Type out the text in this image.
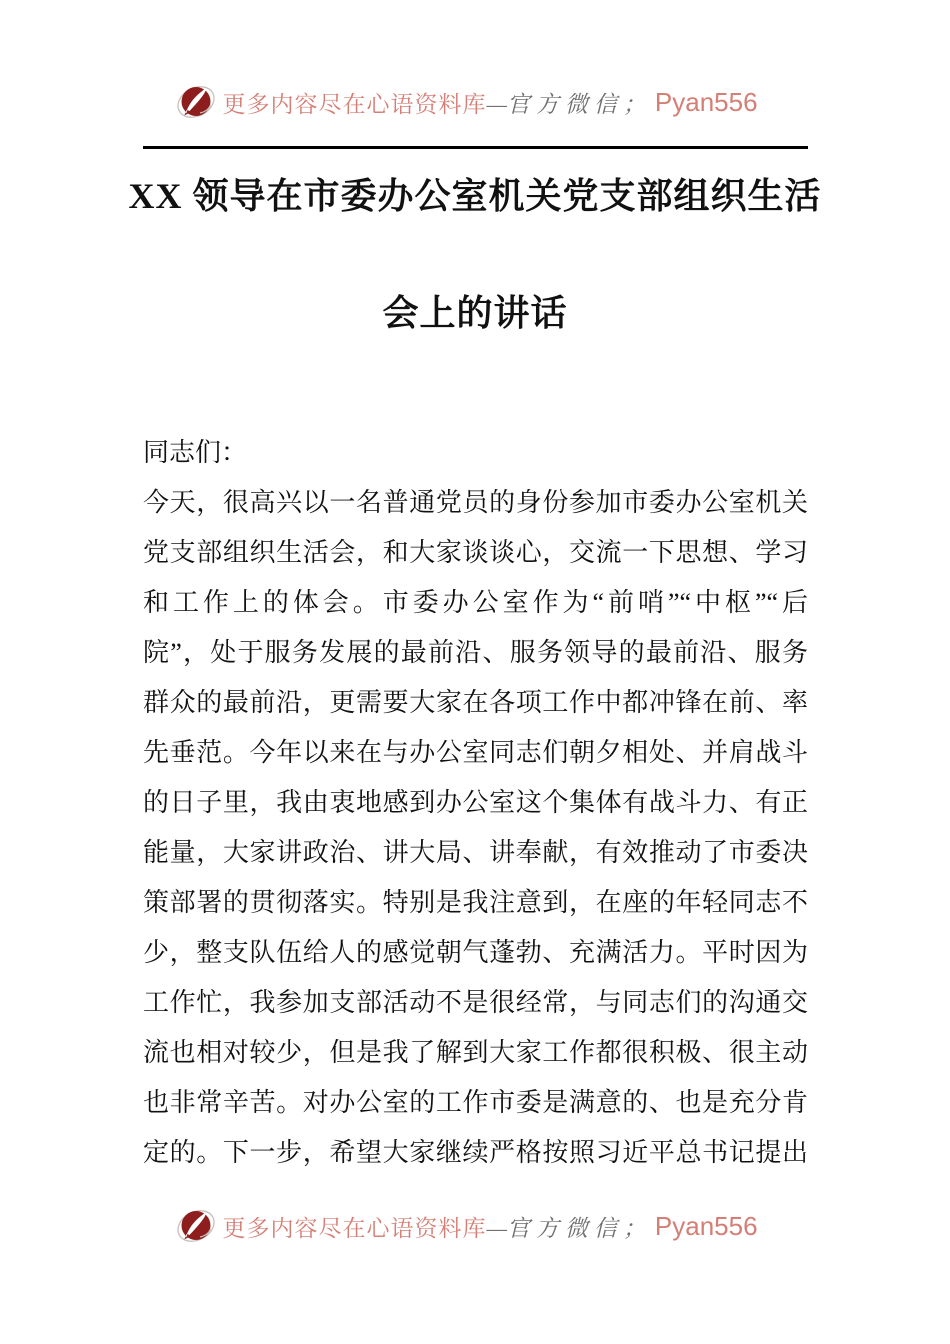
更多内容尽在心语资料库 —官方微信； Pyan556
XX 领导在市委办公室机关党支部组织生活
会上的讲话
同志们：
今天，很高兴以一名普通党员的身份参加市委办公室机关
党支部组织生活会，和大家谈谈心，交流一下思想、学习
和工作上的体会。市委办公室作为“前哨”“中枢”“后
院”，处于服务发展的最前沿、服务领导的最前沿、服务
群众的最前沿，更需要大家在各项工作中都冲锋在前、率
先垂范。今年以来在与办公室同志们朝夕相处、并肩战斗
的日子里，我由衷地感到办公室这个集体有战斗力、有正
能量，大家讲政治、讲大局、讲奉献，有效推动了市委决
策部署的贯彻落实。特别是我注意到，在座的年轻同志不
少，整支队伍给人的感觉朝气蓬勃、充满活力。平时因为
工作忙，我参加支部活动不是很经常，与同志们的沟通交
流也相对较少，但是我了解到大家工作都很积极、很主动
也非常辛苦。对办公室的工作市委是满意的、也是充分肯
定的。下一步，希望大家继续严格按照习近平总书记提出
更多内容尽在心语资料库 —官方微信； Pyan556
